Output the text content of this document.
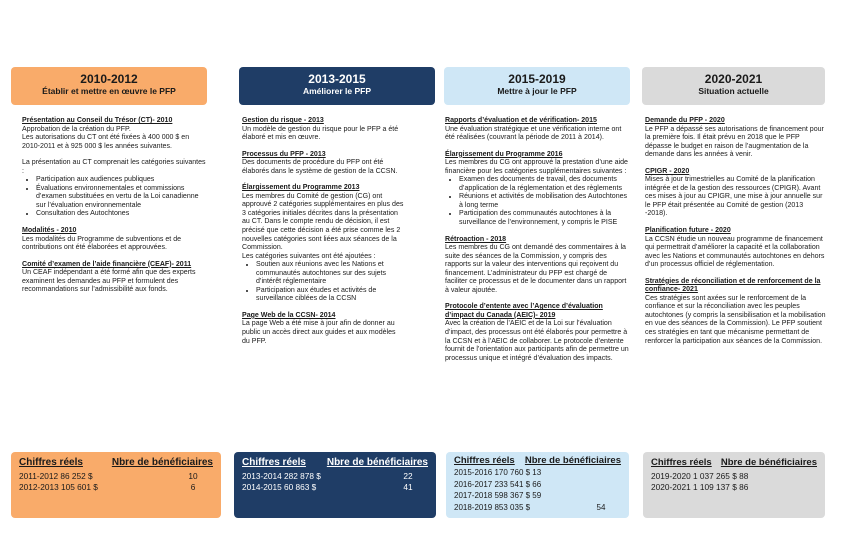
2010-2012
Établir et mettre en œuvre le PFP
Présentation au Conseil du Trésor (CT)- 2010
Approbation de la création du PFP.
Les autorisations du CT ont été fixées à 400 000 $ en 2010-2011 et à 925 000 $ les années suivantes.
La présentation au CT comprenait les catégories suivantes :
• Participation aux audiences publiques
• Évaluations environnementales et commissions d’examen substituées en vertu de la Loi canadienne sur l’évaluation environnementale
• Consultation des Autochtones
Modalités - 2010
Les modalités du Programme de subventions et de contributions ont été élaborées et approuvées.
Comité d’examen de l’aide financière (CEAF)- 2011
Un CEAF indépendant a été formé afin que des experts examinent les demandes au PFP et formulent des recommandations sur l’admissibilité aux fonds.
Chiffres réels	Nbre de bénéficiaires
2011-2012 86 252 $	10
2012-2013 105 601 $	6
2013-2015
Améliorer le PFP
Gestion du risque - 2013
Un modèle de gestion du risque pour le PFP a été élaboré et mis en œuvre.
Processus du PFP - 2013
Des documents de procédure du PFP ont été élaborés dans le système de gestion de la CCSN.
Élargissement du Programme 2013
Les membres du Comité de gestion (CG) ont approuvé 2 catégories supplémentaires en plus des 3 catégories initiales décrites dans la présentation au CT. Dans le compte rendu de décision, il est précisé que cette décision a été prise comme les 2 nouvelles catégories sont liées aux séances de la Commission.
Les catégories suivantes ont été ajoutées :
• Soutien aux réunions avec les Nations et communautés autochtones sur des sujets d’intérêt réglementaire
• Participation aux études et activités de surveillance ciblées de la CCSN
Page Web de la CCSN- 2014
La page Web a été mise à jour afin de donner au public un accès direct aux guides et aux modèles du PFP.
Chiffres réels Nbre de bénéficiaires
2013-2014 282 878 $	22
2014-2015 60 863 $	41
2015-2019
Mettre à jour le PFP
Rapports d’évaluation et de vérification- 2015
Une évaluation stratégique et une vérification interne ont été réalisées (couvrant la période de 2011 à 2014).
Élargissement du Programme 2016
Les membres du CG ont approuvé la prestation d’une aide financière pour les catégories supplémentaires suivantes :
• Examen des documents de travail, des documents d’application de la réglementation et des règlements
• Réunions et activités de mobilisation des Autochtones à long terme
• Participation des communautés autochtones à la surveillance de l’environnement, y compris le PISE
Rétroaction - 2018
Les membres du CG ont demandé des commentaires à la suite des séances de la Commission, y compris des rapports sur la valeur des interventions qui reçoivent du financement. L’administrateur du PFP est chargé de faciliter ce processus et de le documenter dans un rapport à valeur ajoutée.
Protocole d’entente avec l’Agence d’évaluation d’impact du Canada (AEIC)- 2019
Avec la création de l’AEIC et de la Loi sur l’évaluation d’impact, des processus ont été élaborés pour permettre à la CCSN et à l’AEIC de collaborer. Le protocole d’entente fournit de l’orientation aux participants afin de permettre un processus unique et intégré d’évaluation des impacts.
Chiffres réels Nbre de bénéficiaires
2015-2016 170 760 $ 13
2016-2017 233 541 $ 66
2017-2018 598 367 $ 59
2018-2019 853 035 $	54
2020-2021
Situation actuelle
Demande du PFP - 2020
Le PFP a dépassé ses autorisations de financement pour la première fois. Il était prévu en 2018 que le PFP dépasse le budget en raison de l’augmentation de la demande dans les années à venir.
CPIGR - 2020
Mises à jour trimestrielles au Comité de la planification intégrée et de la gestion des ressources (CPIGR). Avant ces mises à jour au CPIGR, une mise à jour annuelle sur le PFP était présentée au Comité de gestion (2013 -2018).
Planification future - 2020
La CCSN étudie un nouveau programme de financement qui permettrait d’améliorer la capacité et la collaboration avec les Nations et communautés autochtones en dehors d’un processus officiel de réglementation.
Stratégies de réconciliation et de renforcement de la confiance- 2021
Ces stratégies sont axées sur le renforcement de la confiance et sur la réconciliation avec les peuples autochtones (y compris la sensibilisation et la mobilisation en vue des séances de la Commission). Le PFP soutient ces stratégies en tant que mécanisme permettant de renforcer la participation aux séances de la Commission.
Chiffres réels Nbre de bénéficiaires
2019-2020 1 037 265 $ 88
2020-2021 1 109 137 $ 86
